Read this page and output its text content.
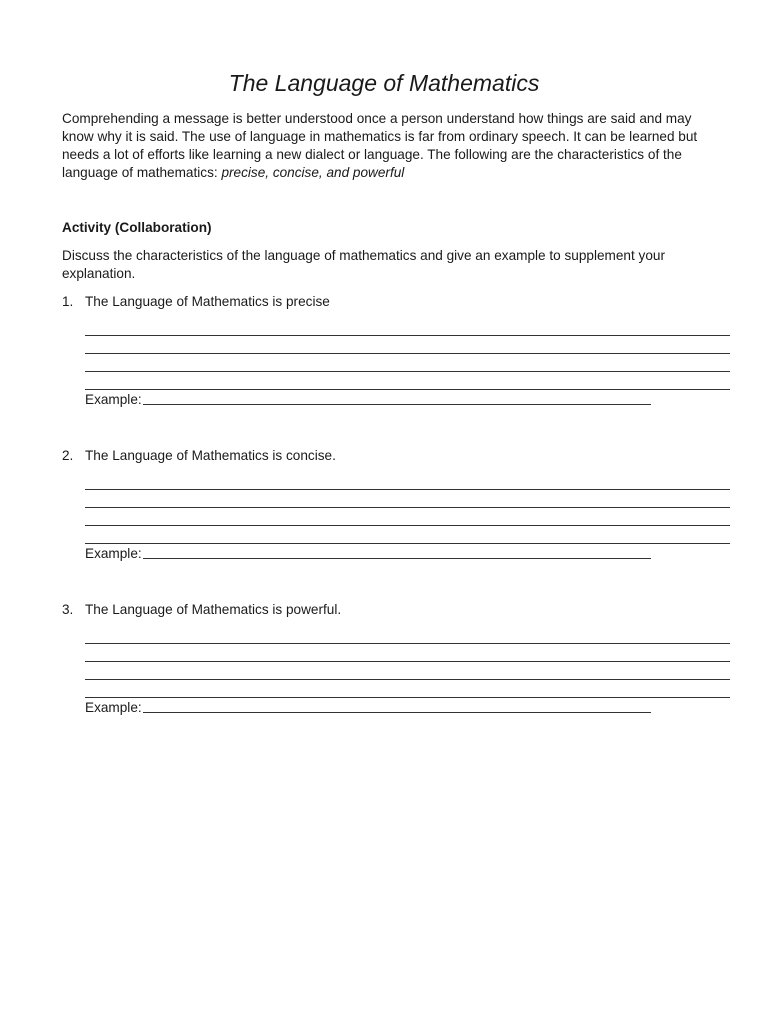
The Language of Mathematics

Comprehending a message is better understood once a person understand how things are said and may know why it is said. The use of language in mathematics is far from ordinary speech. It can be learned but needs a lot of efforts like learning a new dialect or language. The following are the characteristics of the language of mathematics: precise, concise, and powerful

Activity (Collaboration)

Discuss the characteristics of the language of mathematics and give an example to supplement your explanation.

1. The Language of Mathematics is precise

Example:

2. The Language of Mathematics is concise.

Example:

3. The Language of Mathematics is powerful.

Example:
